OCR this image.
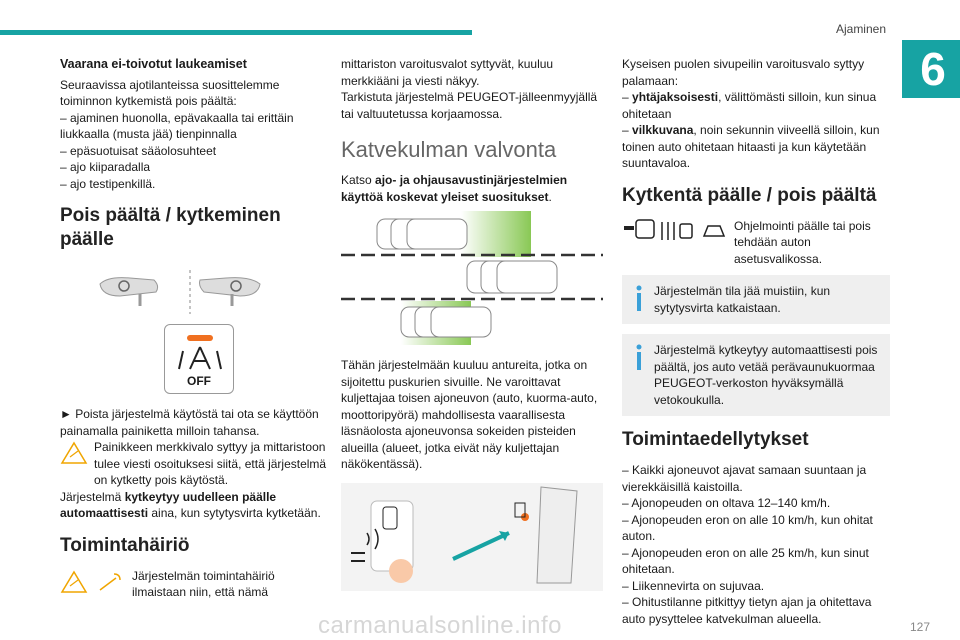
Ajaminen
6
Vaarana ei-toivotut laukeamiset
Seuraavissa ajotilanteissa suosittelemme toiminnon kytkemistä pois päältä:
– ajaminen huonolla, epävakaalla tai erittäin liukkaalla (musta jää) tienpinnalla
– epäsuotuisat sääolosuhteet
– ajo kiiparadalla
– ajo testipenkillä.
Pois päältä / kytkeminen päälle
OFF
► Poista järjestelmä käytöstä tai ota se käyttöön painamalla painiketta milloin tahansa.
Painikkeen merkkivalo syttyy ja mittaristoon tulee viesti osoituksesi siitä, että järjestelmä on kytketty pois käytöstä.
Järjestelmä kytkeytyy uudelleen päälle automaattisesti aina, kun sytytysvirta kytketään.
Toimintahäiriö
Järjestelmän toimintahäiriö ilmaistaan niin, että nämä
mittariston varoitusvalot syttyvät, kuuluu merkkiääni ja viesti näkyy.
Tarkistuta järjestelmä PEUGEOT-jälleenmyyjällä tai valtuutetussa korjaamossa.
Katvekulman valvonta
Katso ajo- ja ohjausavustinjärjestelmien käyttöä koskevat yleiset suositukset.
Tähän järjestelmään kuuluu antureita, jotka on sijoitettu puskurien sivuille. Ne varoittavat kuljettajaa toisen ajoneuvon (auto, kuorma-auto, moottoripyörä) mahdollisesta vaarallisesta läsnäolosta ajoneuvonsa sokeiden pisteiden alueilla (alueet, jotka eivät näy kuljettajan näkökentässä).
Kyseisen puolen sivupeilin varoitusvalo syttyy palamaan:
– yhtäjaksoisesti, välittömästi silloin, kun sinua ohitetaan
– vilkkuvana, noin sekunnin viiveellä silloin, kun toinen auto ohitetaan hitaasti ja kun käytetään suuntavaloa.
Kytkentä päälle / pois päältä
Ohjelmointi päälle tai pois tehdään auton asetusvalikossa.
Järjestelmän tila jää muistiin, kun sytytysvirta katkaistaan.
Järjestelmä kytkeytyy automaattisesti pois päältä, jos auto vetää perävaunukuormaa PEUGEOT-verkoston hyväksymällä vetokoukulla.
Toimintaedellytykset
– Kaikki ajoneuvot ajavat samaan suuntaan ja vierekkäisillä kaistoilla.
– Ajonopeuden on oltava 12–140 km/h.
– Ajonopeuden eron on alle 10 km/h, kun ohitat auton.
– Ajonopeuden eron on alle 25 km/h, kun sinut ohitetaan.
– Liikennevirta on sujuvaa.
– Ohitustilanne pitkittyy tietyn ajan ja ohitettava auto pysyttelee katvekulman alueella.
127
carmanualsonline.info
